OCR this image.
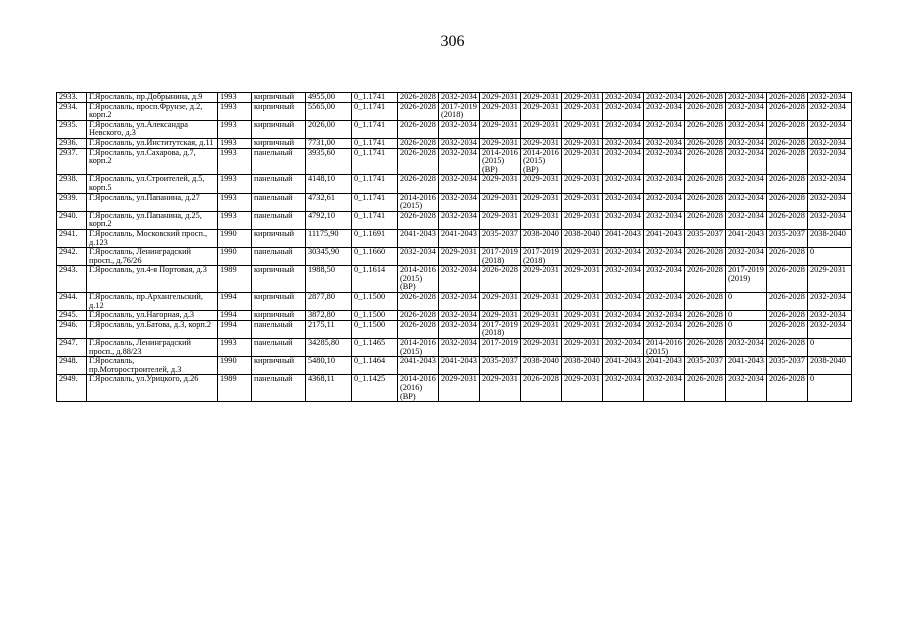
306
2933.	Г.Ярославль, пр.Добрынина, д.9	1993	кирпичный	4955,00	0_1.1741	2026-2028	2032-2034	2029-2031	2029-2031	2029-2031	2032-2034	2032-2034	2026-2028	2032-2034	2026-2028	2032-2034
2934.	Г.Ярославль, просп.Фрунзе, д.2, корп.2	1993	кирпичный	5565,00	0_1.1741	2026-2028	2017-2019 (2018)	2029-2031	2029-2031	2029-2031	2032-2034	2032-2034	2026-2028	2032-2034	2026-2028	2032-2034
2935.	Г.Ярославль, ул.Александра Невского, д.3	1993	кирпичный	2026,00	0_1.1741	2026-2028	2032-2034	2029-2031	2029-2031	2029-2031	2032-2034	2032-2034	2026-2028	2032-2034	2026-2028	2032-2034
2936.	Г.Ярославль, ул.Институтская, д.11	1993	кирпичный	7731,00	0_1.1741	2026-2028	2032-2034	2029-2031	2029-2031	2029-2031	2032-2034	2032-2034	2026-2028	2032-2034	2026-2028	2032-2034
2937.	Г.Ярославль, ул.Сахарова, д.7, корп.2	1993	панельный	3935,60	0_1.1741	2026-2028	2032-2034	2014-2016 (2015) (ВР)	2014-2016 (2015) (ВР)	2029-2031	2032-2034	2032-2034	2026-2028	2032-2034	2026-2028	2032-2034
2938.	Г.Ярославль, ул.Строителей, д.5, корп.5	1993	панельный	4148,10	0_1.1741	2026-2028	2032-2034	2029-2031	2029-2031	2029-2031	2032-2034	2032-2034	2026-2028	2032-2034	2026-2028	2032-2034
2939.	Г.Ярославль, ул.Папанина, д.27	1993	панельный	4732,61	0_1.1741	2014-2016 (2015)	2032-2034	2029-2031	2029-2031	2029-2031	2032-2034	2032-2034	2026-2028	2032-2034	2026-2028	2032-2034
2940.	Г.Ярославль, ул.Папанина, д.25, корп.2	1993	панельный	4792,10	0_1.1741	2026-2028	2032-2034	2029-2031	2029-2031	2029-2031	2032-2034	2032-2034	2026-2028	2032-2034	2026-2028	2032-2034
2941.	Г.Ярославль, Московский просп., д.123	1990	кирпичный	11175,90	0_1.1691	2041-2043	2041-2043	2035-2037	2038-2040	2038-2040	2041-2043	2041-2043	2035-2037	2041-2043	2035-2037	2038-2040
2942.	Г.Ярославль, Ленинградский просп., д.76/26	1990	панельный	30345,90	0_1.1660	2032-2034	2029-2031	2017-2019 (2018)	2017-2019 (2018)	2029-2031	2032-2034	2032-2034	2026-2028	2032-2034	2026-2028	0
2943.	Г.Ярославль, ул.4-я Портовая, д.3	1989	кирпичный	1988,50	0_1.1614	2014-2016 (2015) (ВР)	2032-2034	2026-2028	2029-2031	2029-2031	2032-2034	2032-2034	2026-2028	2017-2019 (2019)	2026-2028	2029-2031
2944.	Г.Ярославль, пр.Архангельский, д.12	1994	кирпичный	2877,80	0_1.1500	2026-2028	2032-2034	2029-2031	2029-2031	2029-2031	2032-2034	2032-2034	2026-2028	0	2026-2028	2032-2034
2945.	Г.Ярославль, ул.Нагорная, д.3	1994	кирпичный	3872,80	0_1.1500	2026-2028	2032-2034	2029-2031	2029-2031	2029-2031	2032-2034	2032-2034	2026-2028	0	2026-2028	2032-2034
2946.	Г.Ярославль, ул.Батова, д.3, корп.2	1994	панельный	2175,11	0_1.1500	2026-2028	2032-2034	2017-2019 (2018)	2029-2031	2029-2031	2032-2034	2032-2034	2026-2028	0	2026-2028	2032-2034
2947.	Г.Ярославль, Ленинградский просп., д.88/23	1993	панельный	34285,80	0_1.1465	2014-2016 (2015)	2032-2034	2017-2019	2029-2031	2029-2031	2032-2034	2014-2016 (2015)	2026-2028	2032-2034	2026-2028	0
2948.	Г.Ярославль, пр.Моторостроителей, д.3	1990	кирпичный	5480,10	0_1.1464	2041-2043	2041-2043	2035-2037	2038-2040	2038-2040	2041-2043	2041-2043	2035-2037	2041-2043	2035-2037	2038-2040
2949.	Г.Ярославль, ул.Урицкого, д.26	1989	панельный	4368,11	0_1.1425	2014-2016 (2016) (ВР)	2029-2031	2029-2031	2026-2028	2029-2031	2032-2034	2032-2034	2026-2028	2032-2034	2026-2028	0
